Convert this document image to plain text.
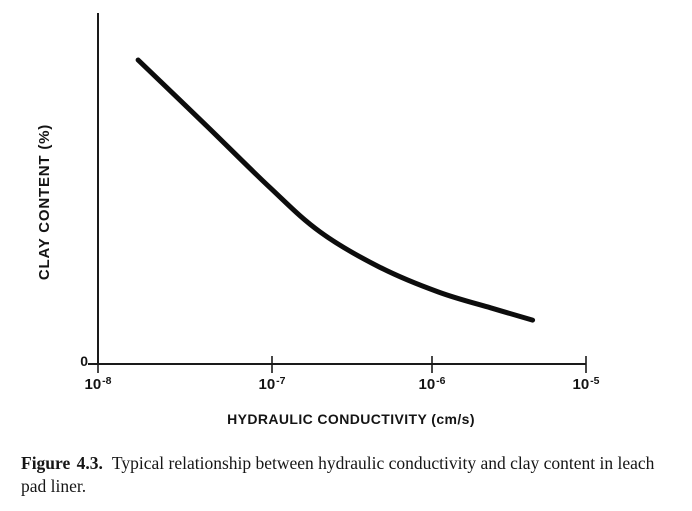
CLAY CONTENT (%)
HYDRAULIC CONDUCTIVITY (cm/s)
0
$10^{-8}$	$10^{-7}$	$10^{-6}$	$10^{-5}$

Figure 4.3. Typical relationship between hydraulic conductivity and clay content in leach pad liner.
